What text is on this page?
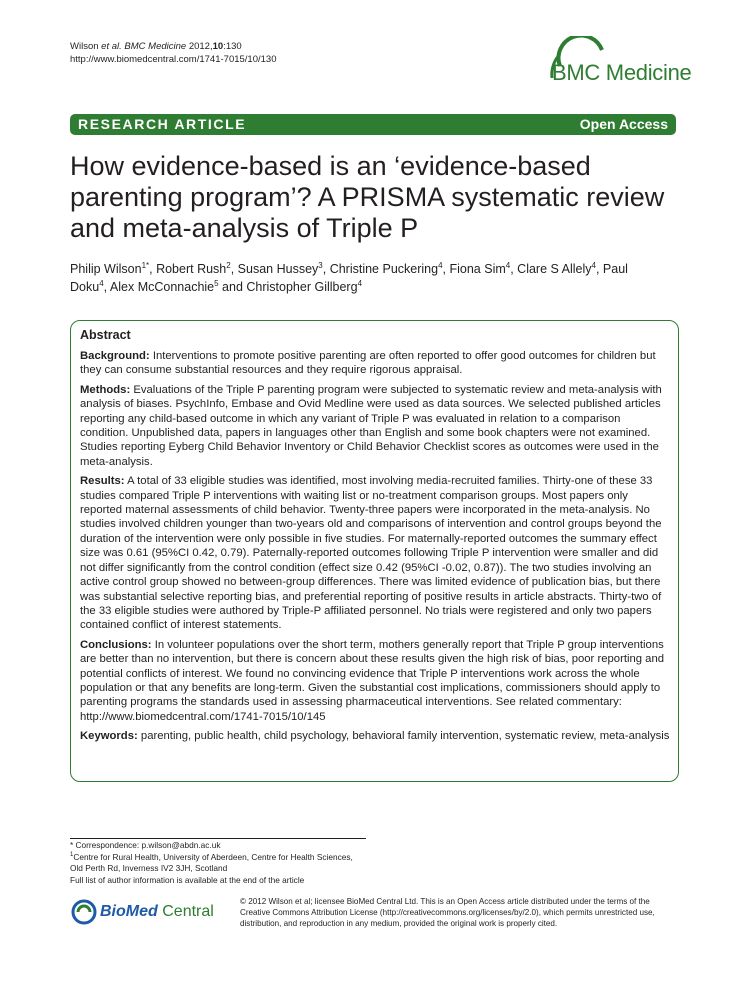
Wilson et al. BMC Medicine 2012,10:130
http://www.biomedcentral.com/1741-7015/10/130
BMC Medicine
RESEARCH ARTICLE	Open Access
How evidence-based is an ‘evidence-based parenting program’? A PRISMA systematic review and meta-analysis of Triple P
Philip Wilson$^{1*}$, Robert Rush$^2$, Susan Hussey$^3$, Christine Puckering$^4$, Fiona Sim$^4$, Clare S Allely$^4$, Paul Doku$^4$, Alex McConnachie$^5$ and Christopher Gillberg$^4$
Abstract

Background: Interventions to promote positive parenting are often reported to offer good outcomes for children but they can consume substantial resources and they require rigorous appraisal.

Methods: Evaluations of the Triple P parenting program were subjected to systematic review and meta-analysis with analysis of biases. PsychInfo, Embase and Ovid Medline were used as data sources. We selected published articles reporting any child-based outcome in which any variant of Triple P was evaluated in relation to a comparison condition. Unpublished data, papers in languages other than English and some book chapters were not examined. Studies reporting Eyberg Child Behavior Inventory or Child Behavior Checklist scores as outcomes were used in the meta-analysis.

Results: A total of 33 eligible studies was identified, most involving media-recruited families. Thirty-one of these 33 studies compared Triple P interventions with waiting list or no-treatment comparison groups. Most papers only reported maternal assessments of child behavior. Twenty-three papers were incorporated in the meta-analysis. No studies involved children younger than two-years old and comparisons of intervention and control groups beyond the duration of the intervention were only possible in five studies. For maternally-reported outcomes the summary effect size was 0.61 (95%CI 0.42, 0.79). Paternally-reported outcomes following Triple P intervention were smaller and did not differ significantly from the control condition (effect size 0.42 (95%CI -0.02, 0.87)). The two studies involving an active control group showed no between-group differences. There was limited evidence of publication bias, but there was substantial selective reporting bias, and preferential reporting of positive results in article abstracts. Thirty-two of the 33 eligible studies were authored by Triple-P affiliated personnel. No trials were registered and only two papers contained conflict of interest statements.

Conclusions: In volunteer populations over the short term, mothers generally report that Triple P group interventions are better than no intervention, but there is concern about these results given the high risk of bias, poor reporting and potential conflicts of interest. We found no convincing evidence that Triple P interventions work across the whole population or that any benefits are long-term. Given the substantial cost implications, commissioners should apply to parenting programs the standards used in assessing pharmaceutical interventions. See related commentary: http://www.biomedcentral.com/1741-7015/10/145

Keywords: parenting, public health, child psychology, behavioral family intervention, systematic review, meta-analysis

* Correspondence: p.wilson@abdn.ac.uk
$^1$Centre for Rural Health, University of Aberdeen, Centre for Health Sciences,
Old Perth Rd, Inverness IV2 3JH, Scotland
Full list of author information is available at the end of the article
BioMed Central
© 2012 Wilson et al; licensee BioMed Central Ltd. This is an Open Access article distributed under the terms of the Creative Commons Attribution License (http://creativecommons.org/licenses/by/2.0), which permits unrestricted use, distribution, and reproduction in any medium, provided the original work is properly cited.
